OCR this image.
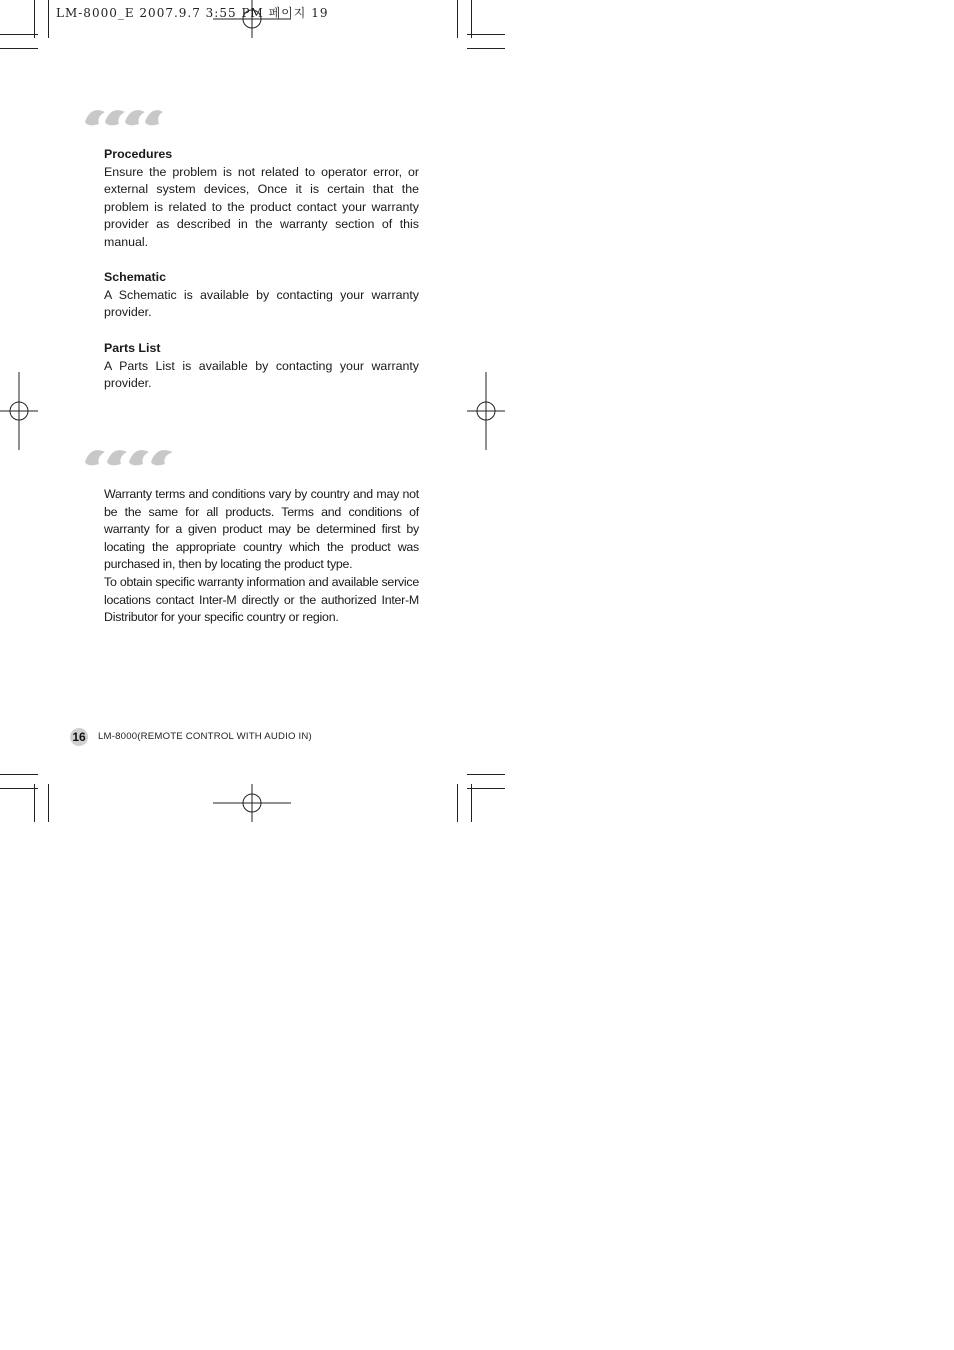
LM-8000_E 2007.9.7 3:55 PM 페이지 19

Procedures

Ensure the problem is not related to operator error, or external system devices, Once it is certain that the problem is related to the product contact your warranty provider as described in the warranty section of this manual.

Schematic

A Schematic is available by contacting your warranty provider.

Parts List

A Parts List is available by contacting your warranty provider.

Warranty terms and conditions vary by country and may not be the same for all products. Terms and conditions of warranty for a given product may be determined first by locating the appropriate country which the product was purchased in, then by locating the product type.

To obtain specific warranty information and available service locations contact Inter-M directly or the authorized Inter-M Distributor for your specific country or region.

16	LM-8000(REMOTE CONTROL WITH AUDIO IN)
